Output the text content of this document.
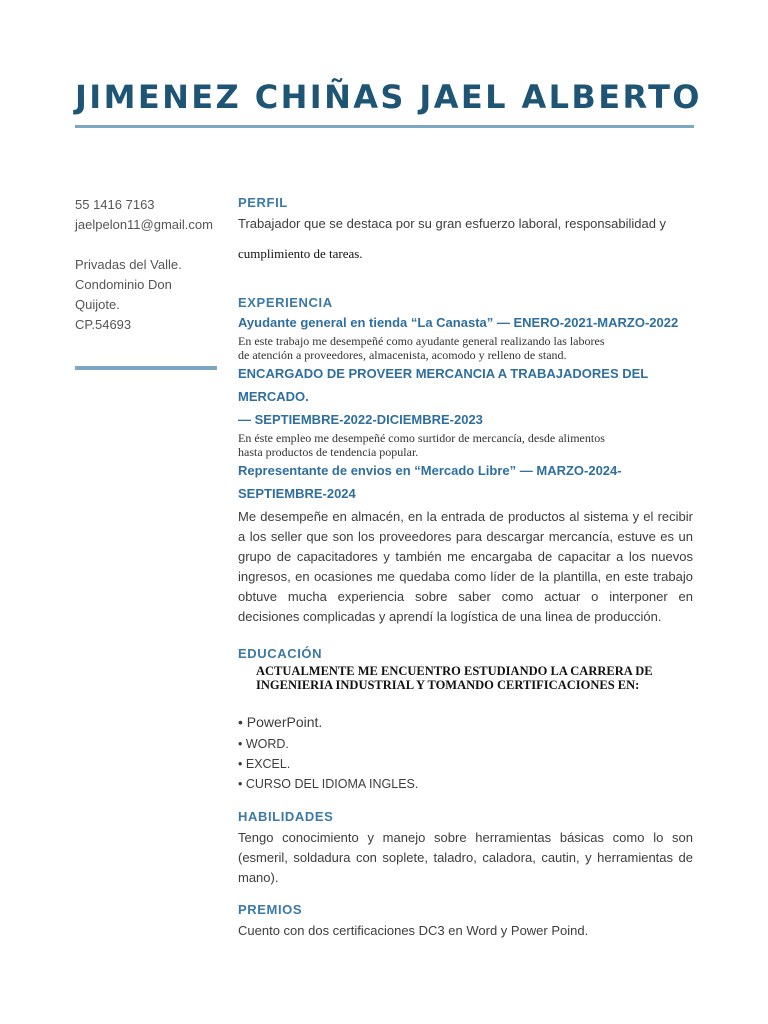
JIMENEZ CHIÑAS JAEL ALBERTO
55 1416 7163
jaelpelon11@gmail.com
Privadas del Valle.
Condominio Don
Quijote.
CP.54693
PERFIL

Trabajador que se destaca por su gran esfuerzo laboral, responsabilidad y

cumplimiento de tareas.

EXPERIENCIA

Ayudante general en tienda “La Canasta” — ENERO-2021-MARZO-2022

En este trabajo me desempeñé como ayudante general realizando las labores

de atención a proveedores, almacenista, acomodo y relleno de stand.

ENCARGADO DE PROVEER MERCANCIA A TRABAJADORES DEL MERCADO.

— SEPTIEMBRE-2022-DICIEMBRE-2023

En éste empleo me desempeñé como surtidor de mercancía, desde alimentos

hasta productos de tendencia popular.

Representante de envios en “Mercado Libre” — MARZO-2024-

SEPTIEMBRE-2024

Me desempeñe en almacén, en la entrada de productos al sistema y el recibir a los seller que son los proveedores para descargar mercancía, estuve es un grupo de capacitadores y también me encargaba de capacitar a los nuevos ingresos, en ocasiones me quedaba como líder de la plantilla, en este trabajo obtuve mucha experiencia sobre saber como actuar o interponer en decisiones complicadas y aprendí la logística de una linea de producción.

EDUCACIÓN

ACTUALMENTE ME ENCUENTRO ESTUDIANDO LA CARRERA DE

INGENIERIA INDUSTRIAL Y TOMANDO CERTIFICACIONES EN:

• PowerPoint.
• WORD.
• EXCEL.
• CURSO DEL IDIOMA INGLES.
HABILIDADES

Tengo conocimiento y manejo sobre herramientas básicas como lo son (esmeril, soldadura con soplete, taladro, caladora, cautin, y herramientas de mano).

PREMIOS

Cuento con dos certificaciones DC3 en Word y Power Poind.
